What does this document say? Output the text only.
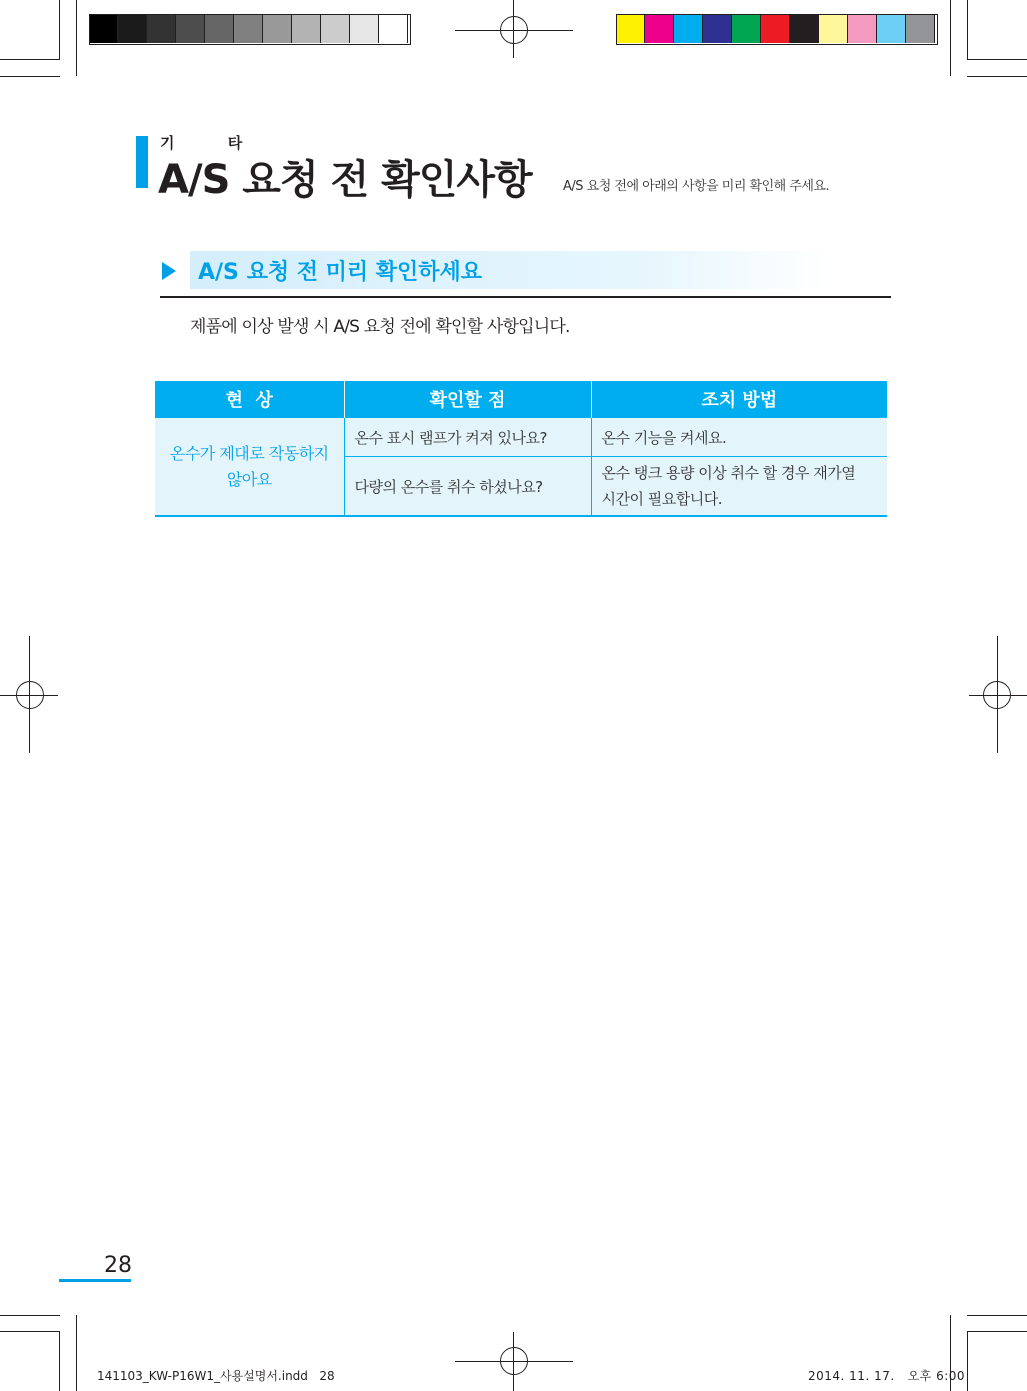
기 타
A/S 요청 전 확인사항 A/S 요청 전에 아래의 사항을 미리 확인해 주세요.
A/S 요청 전 미리 확인하세요
제품에 이상 발생 시 A/S 요청 전에 확인할 사항입니다.
현  상	확인할 점	조치 방법

온수가 제대로 작동하지
않아요	온수 표시 램프가 켜져 있나요?	온수 기능을 켜세요.
	다량의 온수를 취수 하셨나요?	온수 탱크 용량 이상 취수 할 경우 재가열
시간이 필요합니다.
28
141103_KW-P16W1_사용설명서.indd   28	2014. 11. 17.   오후 6:00
